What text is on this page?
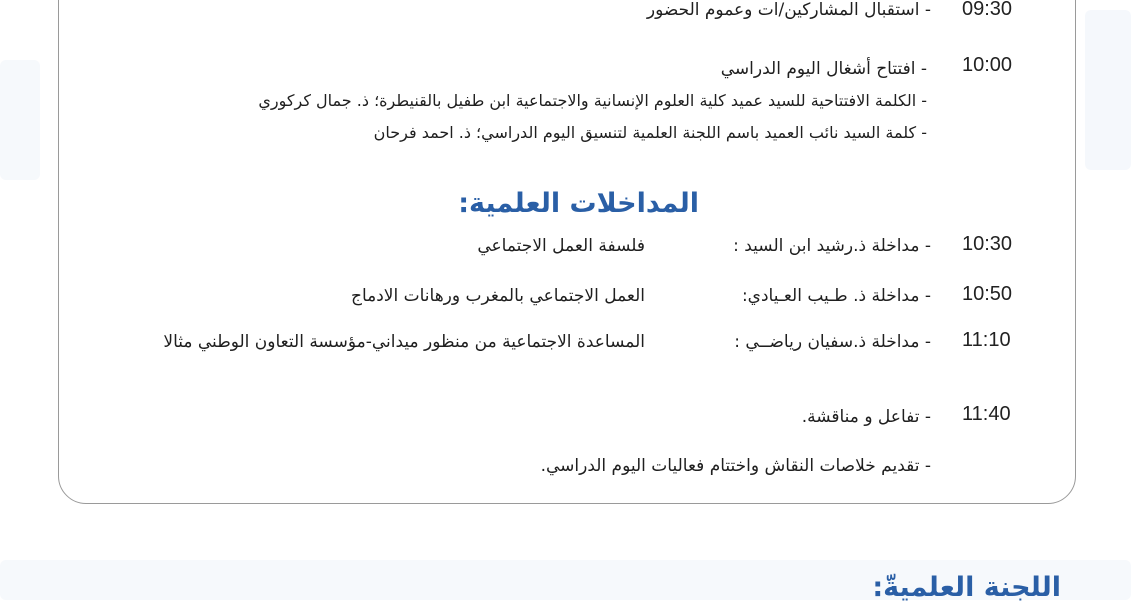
09:30
- استقبال المشاركين/ات وعموم الحضور
10:00
- افتتاح أشغال اليوم الدراسي
- الكلمة الافتتاحية للسيد عميد كلية العلوم الإنسانية والاجتماعية ابن طفيل بالقنيطرة؛ ذ. جمال كركوري
- كلمة السيد نائب العميد باسم اللجنة العلمية لتنسيق اليوم الدراسي؛ ذ. احمد فرحان
المداخلات العلمية:
10:30
- مداخلة ذ.رشيد ابن السيد :
فلسفة العمل الاجتماعي
10:50
- مداخلة ذ. طـيب العـيادي:
العمل الاجتماعي بالمغرب ورهانات الادماج
11:10
- مداخلة ذ.سفيان رياضــي :
المساعدة الاجتماعية من منظور ميداني-مؤسسة التعاون الوطني مثالا
11:40
- تفاعل و مناقشة.
- تقديم خلاصات النقاش واختتام فعاليات اليوم الدراسي.
اللجنة العلميةّ:
